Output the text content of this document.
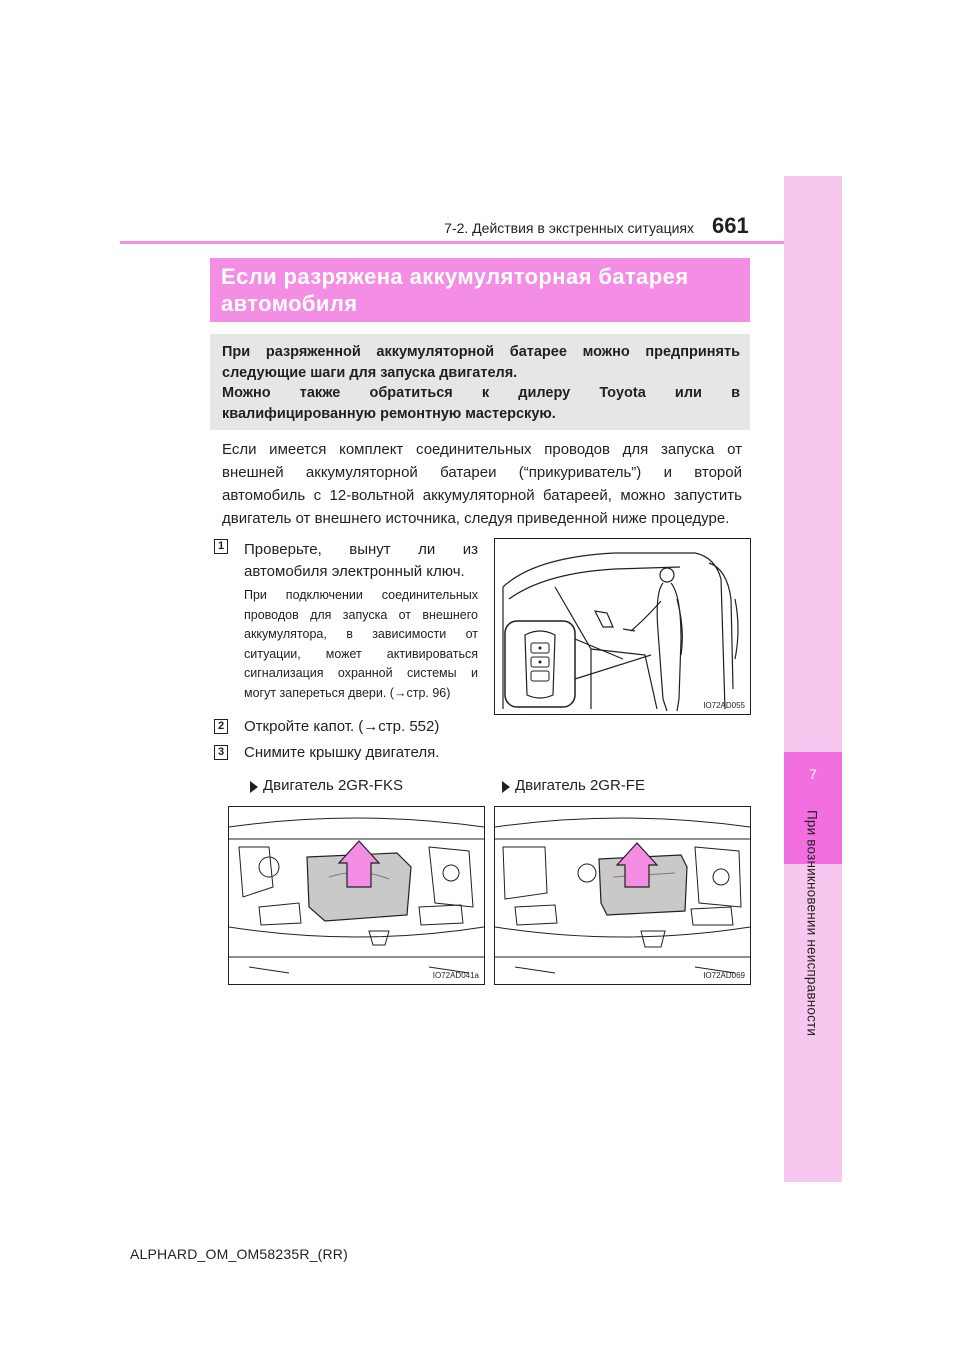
7
При возникновении неисправности
7-2. Действия в экстренных ситуациях 661
Если разряжена аккумуляторная батарея
автомобиля

При разряженной аккумуляторной батарее можно предпринять

следующие шаги для запуска двигателя.

Можно также обратиться к дилеру Toyota или в

квалифицированную ремонтную мастерскую.

Если имеется комплект соединительных проводов для запуска от

внешней аккумуляторной батареи (“прикуриватель”) и второй

автомобиль с 12-вольтной аккумуляторной батареей, можно запустить

двигатель от внешнего источника, следуя приведенной ниже процедуре.

1 Проверьте, вынут ли из

автомобиля электронный ключ.

При подключении соединительных

проводов для запуска от внешнего

аккумулятора, в зависимости от

ситуации, может активироваться

сигнализация охранной системы и

могут запереться двери. (→стр. 96)

IO72AD055
2 Откройте капот. (→стр. 552)
3 Снимите крышку двигателя.
Двигатель 2GR-FKS	Двигатель 2GR-FE
IO72AD041a	IO72AD069
ALPHARD_OM_OM58235R_(RR)
